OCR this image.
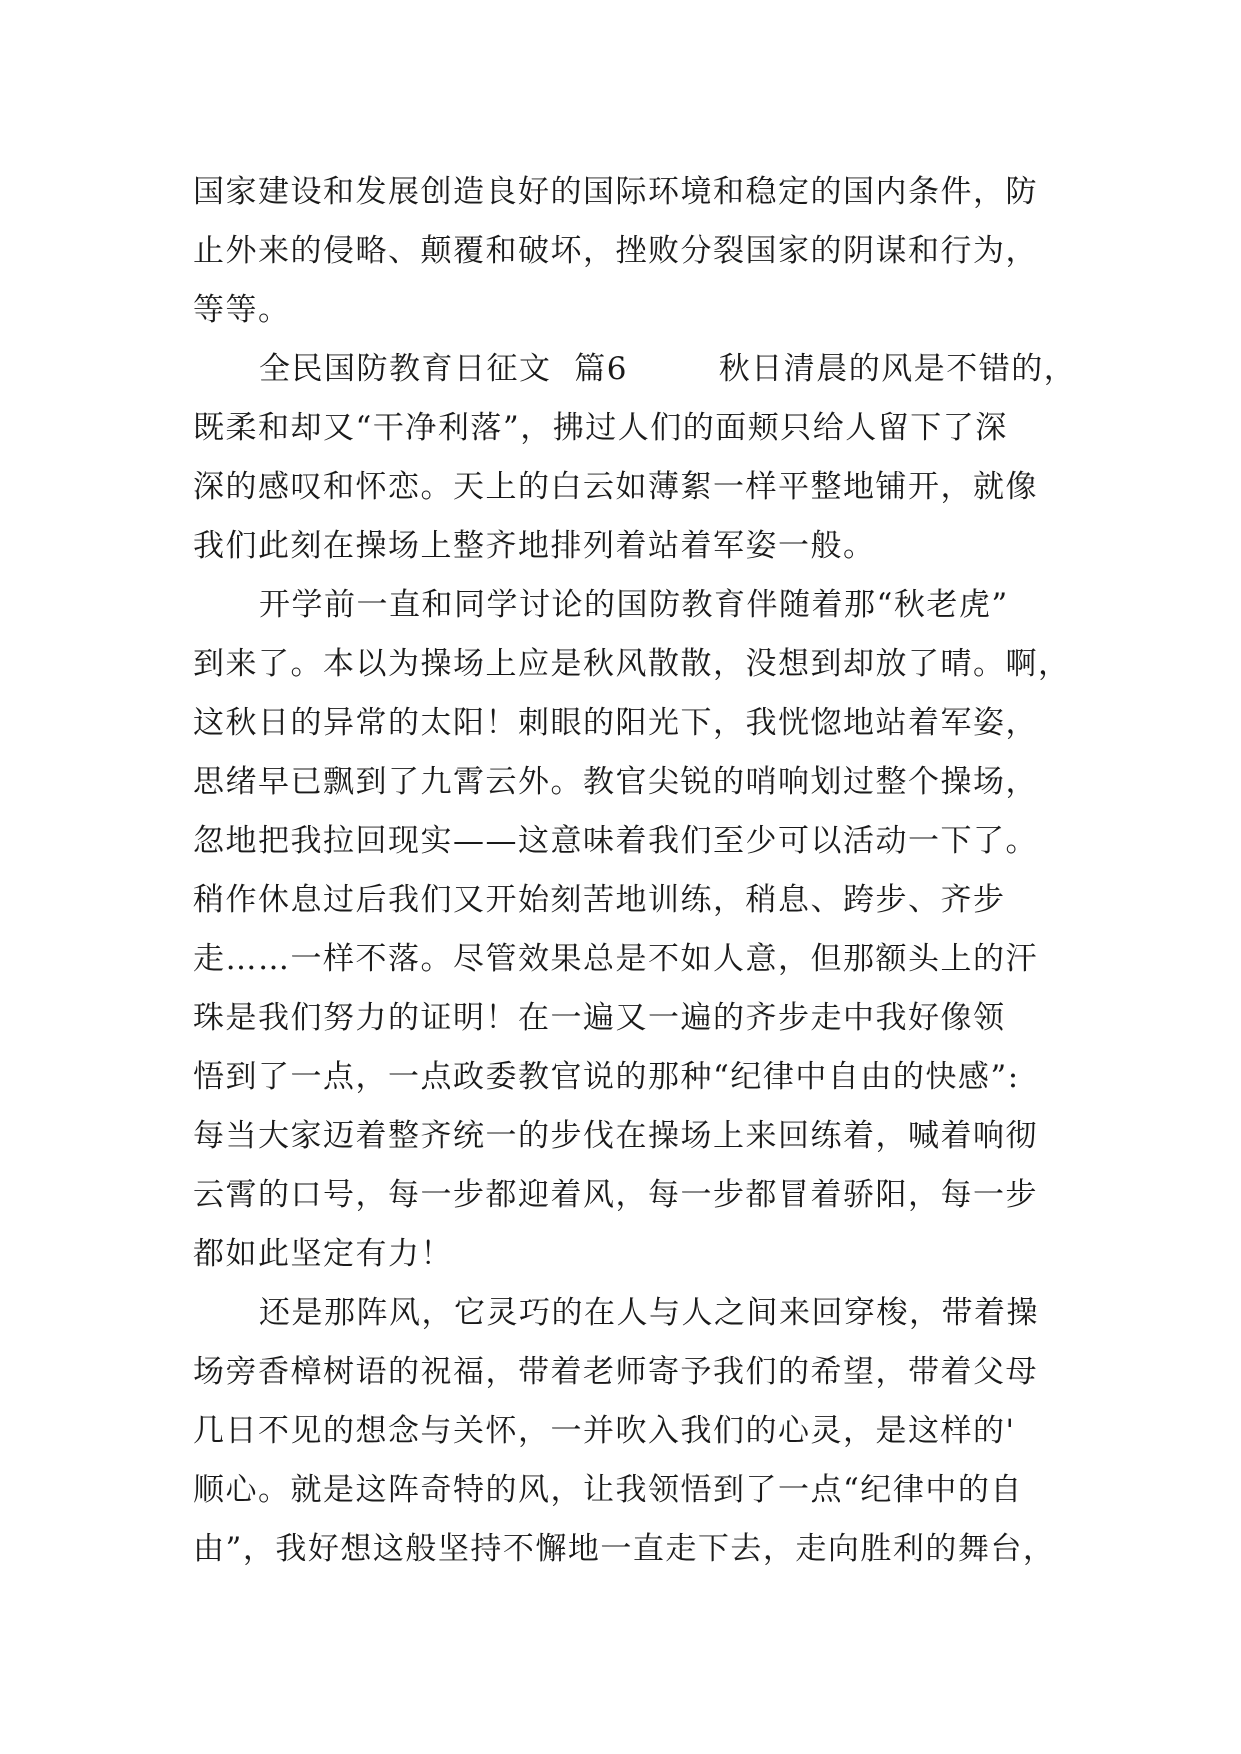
国家建设和发展创造良好的国际环境和稳定的国内条件，防
止外来的侵略、颠覆和破坏，挫败分裂国家的阴谋和行为，
等等。
全民国防教育日征文  篇6        秋日清晨的风是不错的，
既柔和却又“干净利落”，拂过人们的面颊只给人留下了深
深的感叹和怀恋。天上的白云如薄絮一样平整地铺开，就像
我们此刻在操场上整齐地排列着站着军姿一般。
开学前一直和同学讨论的国防教育伴随着那“秋老虎”
到来了。本以为操场上应是秋风散散，没想到却放了晴。啊，
这秋日的异常的太阳！刺眼的阳光下，我恍惚地站着军姿，
思绪早已飘到了九霄云外。教官尖锐的哨响划过整个操场，
忽地把我拉回现实——这意味着我们至少可以活动一下了。
稍作休息过后我们又开始刻苦地训练，稍息、跨步、齐步
走……一样不落。尽管效果总是不如人意，但那额头上的汗
珠是我们努力的证明！在一遍又一遍的齐步走中我好像领
悟到了一点，一点政委教官说的那种“纪律中自由的快感”:
每当大家迈着整齐统一的步伐在操场上来回练着，喊着响彻
云霄的口号，每一步都迎着风，每一步都冒着骄阳，每一步
都如此坚定有力！
还是那阵风，它灵巧的在人与人之间来回穿梭，带着操
场旁香樟树语的祝福，带着老师寄予我们的希望，带着父母
几日不见的想念与关怀，一并吹入我们的心灵，是这样的'
顺心。就是这阵奇特的风，让我领悟到了一点“纪律中的自
由”，我好想这般坚持不懈地一直走下去，走向胜利的舞台，
